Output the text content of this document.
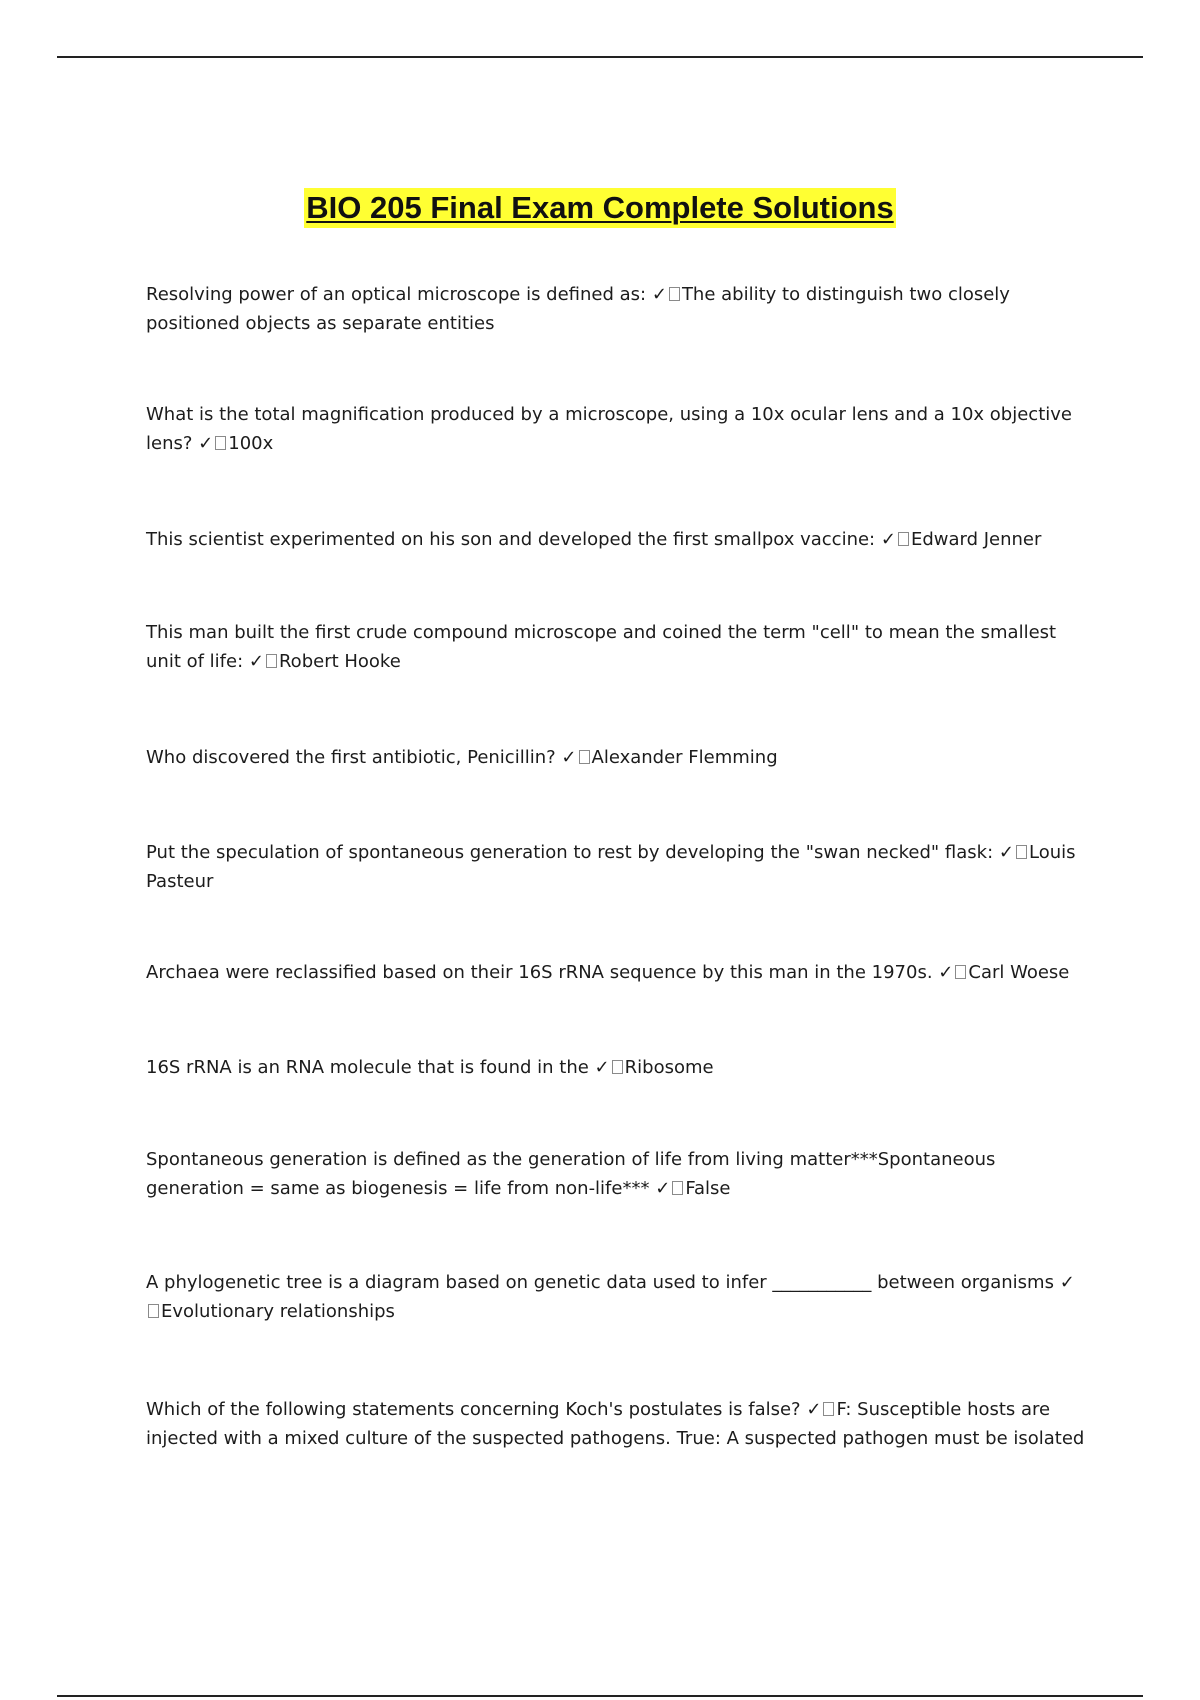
BIO 205 Final Exam Complete Solutions

Resolving power of an optical microscope is defined as: ✓ The ability to distinguish two closely positioned objects as separate entities

What is the total magnification produced by a microscope, using a 10x ocular lens and a 10x objective lens? ✓ 100x

This scientist experimented on his son and developed the first smallpox vaccine: ✓ Edward Jenner

This man built the first crude compound microscope and coined the term "cell" to mean the smallest unit of life: ✓ Robert Hooke

Who discovered the first antibiotic, Penicillin? ✓ Alexander Flemming

Put the speculation of spontaneous generation to rest by developing the "swan necked" flask: ✓ Louis Pasteur

Archaea were reclassified based on their 16S rRNA sequence by this man in the 1970s. ✓ Carl Woese

16S rRNA is an RNA molecule that is found in the ✓ Ribosome

Spontaneous generation is defined as the generation of life from living matter***Spontaneous generation = same as biogenesis = life from non-life*** ✓ False

A phylogenetic tree is a diagram based on genetic data used to infer ___________ between organisms ✓Evolutionary relationships

Which of the following statements concerning Koch's postulates is false? ✓ F: Susceptible hosts are injected with a mixed culture of the suspected pathogens. True: A suspected pathogen must be isolated
